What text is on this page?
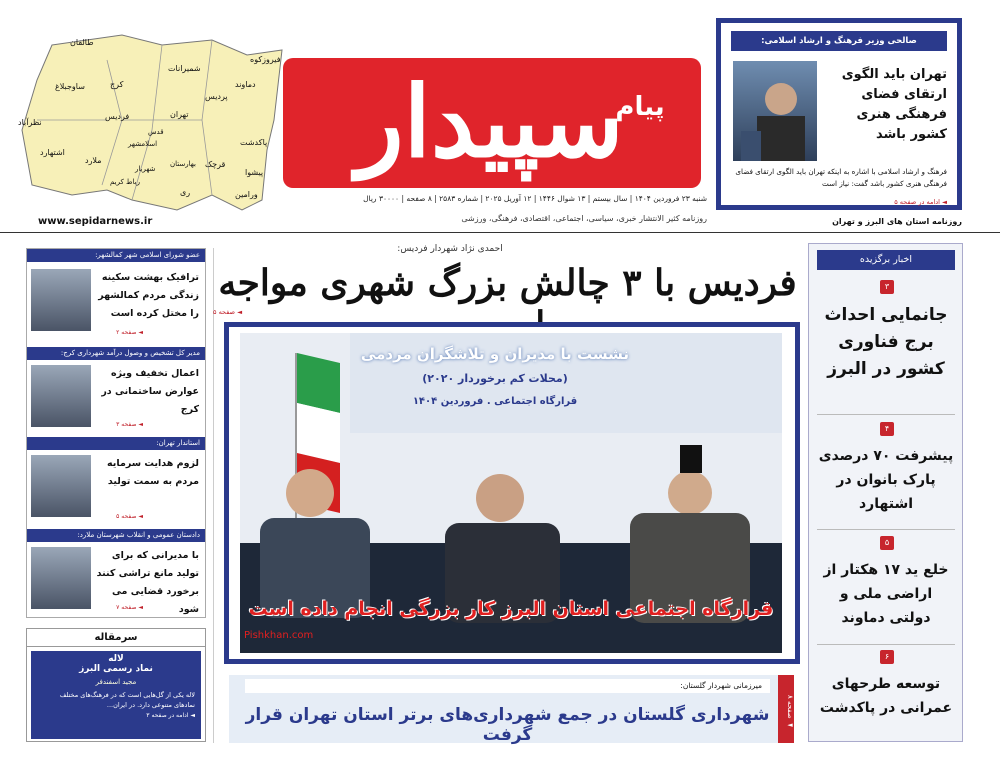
طالقان
ساوجبلاغ	کرج
نظرآباد
اشتهارد
فردیس
ملارد
شمیرانات
تهران
پردیس
دماوند
فیروزکوه
اسلامشهر
شهریار
قدس
بهارستان
رباط کریم
ری
قرچک
پاکدشت
ورامین
پیشوا سپیدار
پیام
شنبه ۲۳ فروردین ۱۴۰۴ | سال بیستم | ۱۳ شوال ۱۴۴۶ | ۱۲ آوریل ۲۰۲۵ | شماره ۲۵۸۳ | ۸ صفحه | ۳۰۰۰۰ ریال
روزنامه کثیر الانتشار خبری، سیاسی، اجتماعی، اقتصادی، فرهنگی، ورزشی
صالحی وزیر فرهنگ و ارشاد اسلامی:
تهران باید الگوی ارتقای فضای فرهنگی هنری کشور باشد
فرهنگ و ارشاد اسلامی با اشاره به اینکه تهران باید الگوی ارتقای فضای فرهنگی هنری کشور باشد گفت: نیاز است
◄ ادامه در صفحه ۵
روزنامه استان های البرز و تهران
www.sepidarnews.ir
اخبار برگزیده
۳
جانمایی احداث برج فناوری کشور در البرز
۴
پیشرفت ۷۰ درصدی پارک بانوان در اشتهارد
۵
خلع ید ۱۷ هکتار از اراضی ملی و دولتی دماوند
۶
توسعه طرحهای عمرانی در پاکدشت
عضو شورای اسلامی شهر کمالشهر:
ترافیک بهشت سکینه زندگی مردم کمالشهر را مختل کرده است
◄ صفحه ۲
مدیر کل تشخیص و وصول درآمد شهرداری کرج:
اعمال تخفیف ویژه عوارض ساختمانی در کرج
◄ صفحه ۳
استاندار تهران:
لزوم هدایت سرمایه مردم به سمت تولید
◄ صفحه ۵
دادستان عمومی و انقلاب شهرستان ملارد:
با مدیرانی که برای تولید مانع تراشی کنند برخورد قضایی می شود
◄ صفحه ۷
سرمقاله
لاله
نماد رسمی البرز
مجید اسفندفر
لاله یکی از گل‌هایی است که در فرهنگ‌های مختلف نمادهای متنوعی دارد. در ایران...
◄ ادامه در صفحه ۳
احمدی نژاد شهردار فردیس:
فردیس با ۳ چالش بزرگ شهری مواجه
◄ صفحه ۵
نشست با مدیران و تلاشگران مردمی
(محلات کم برخوردار ۲۰۲۰)
قرارگاه اجتماعی . فروردین ۱۴۰۴
قرارگاه اجتماعی استان البرز کار بزرگی انجام داده است
Pishkhan.com
◄ صفحه ۸
میرزمانی شهردار گلستان:
شهرداری گلستان در جمع شهرداری‌های برتر استان تهران قرار گرفت
